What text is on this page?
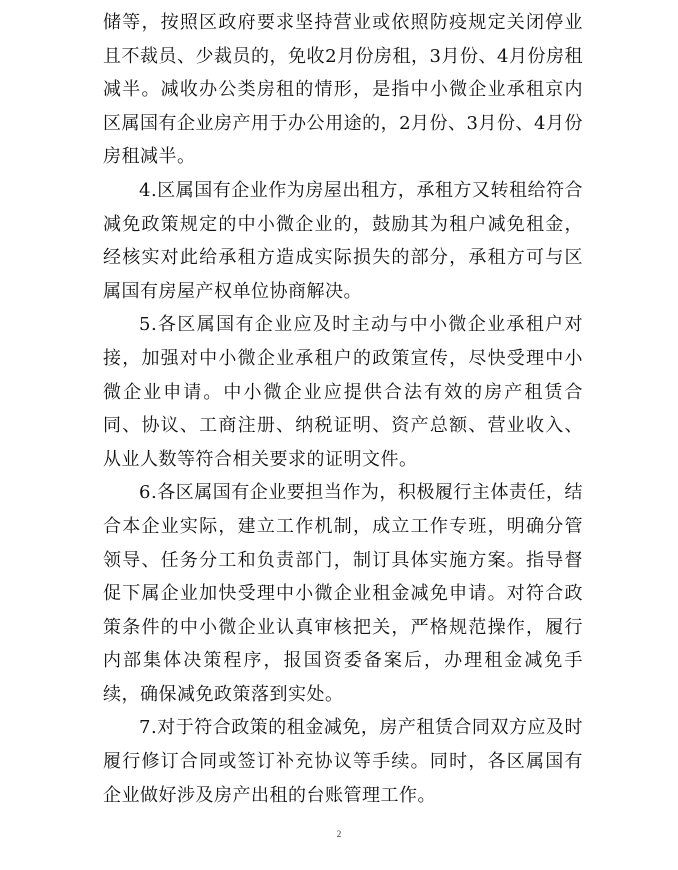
储等，按照区政府要求坚持营业或依照防疫规定关闭停业且不裁员、少裁员的，免收2月份房租，3月份、4月份房租减半。减收办公类房租的情形，是指中小微企业承租京内区属国有企业房产用于办公用途的，2月份、3月份、4月份房租减半。

4.区属国有企业作为房屋出租方，承租方又转租给符合减免政策规定的中小微企业的，鼓励其为租户减免租金，经核实对此给承租方造成实际损失的部分，承租方可与区属国有房屋产权单位协商解决。

5.各区属国有企业应及时主动与中小微企业承租户对接，加强对中小微企业承租户的政策宣传，尽快受理中小微企业申请。中小微企业应提供合法有效的房产租赁合同、协议、工商注册、纳税证明、资产总额、营业收入、从业人数等符合相关要求的证明文件。

6.各区属国有企业要担当作为，积极履行主体责任，结合本企业实际，建立工作机制，成立工作专班，明确分管领导、任务分工和负责部门，制订具体实施方案。指导督促下属企业加快受理中小微企业租金减免申请。对符合政策条件的中小微企业认真审核把关，严格规范操作，履行内部集体决策程序，报国资委备案后，办理租金减免手续，确保减免政策落到实处。

7.对于符合政策的租金减免，房产租赁合同双方应及时履行修订合同或签订补充协议等手续。同时，各区属国有企业做好涉及房产出租的台账管理工作。

2
